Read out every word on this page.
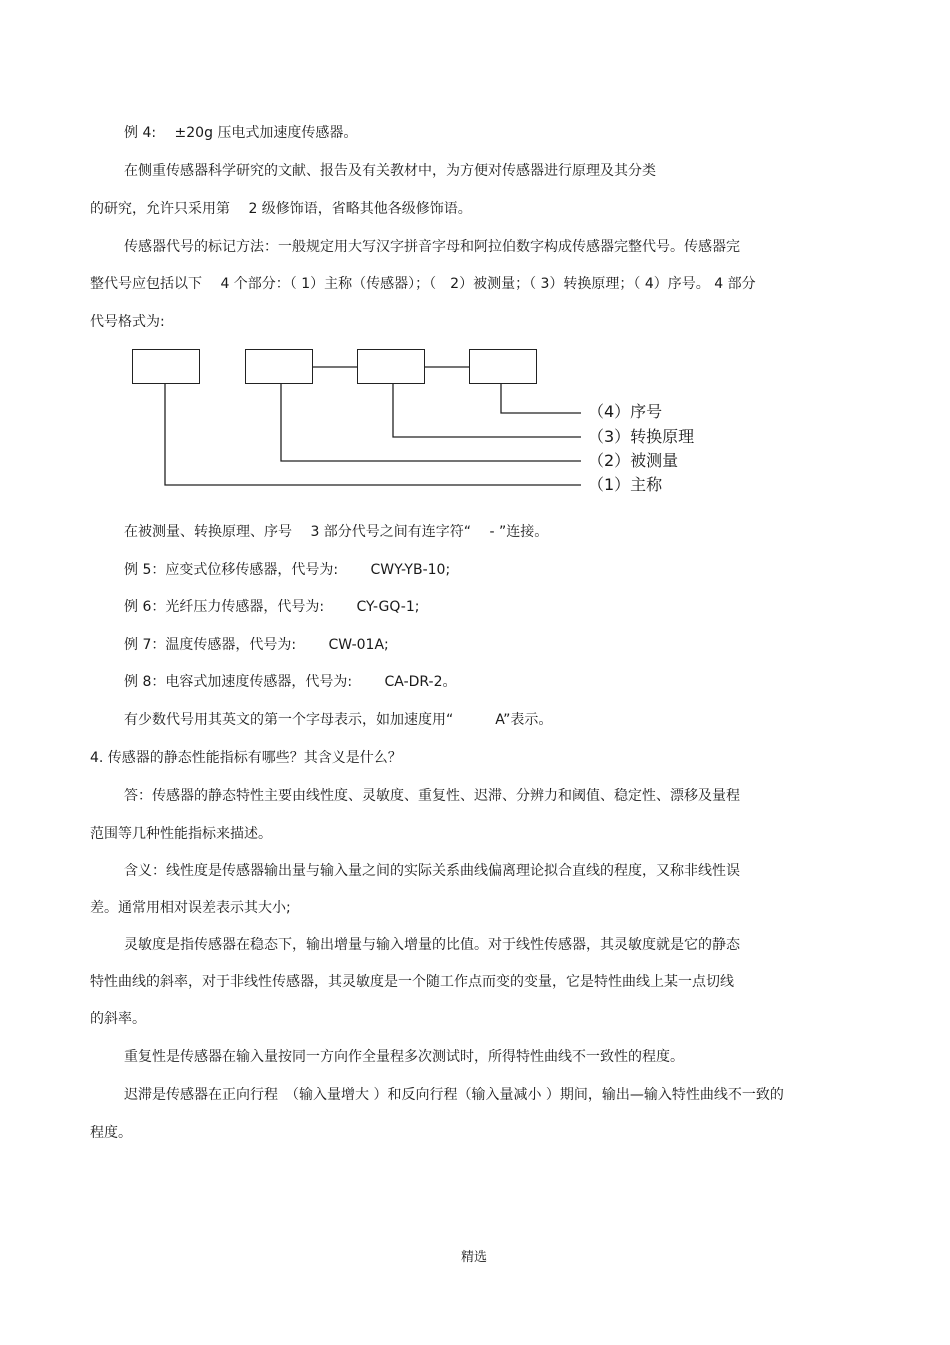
例 4:　 ±20g 压电式加速度传感器。
在侧重传感器科学研究的文献、报告及有关教材中，为方便对传感器进行原理及其分类
的研究，允许只采用第　 2 级修饰语，省略其他各级修饰语。
传感器代号的标记方法：一般规定用大写汉字拼音字母和阿拉伯数字构成传感器完整代号。传感器完
整代号应包括以下　 4 个部分：（ 1）主称（传感器）；（　2）被测量；（ 3）转换原理；（ 4）序号。 4 部分
代号格式为:
（4）序号
（3）转换原理
（2）被测量
（1）主称
在被测量、转换原理、序号　 3 部分代号之间有连字符“　 - ”连接。
例 5：应变式位移传感器，代号为:　　 CWY-YB-10;
例 6：光纤压力传感器，代号为:　　 CY-GQ-1;
例 7：温度传感器，代号为:　　 CW-01A;
例 8：电容式加速度传感器，代号为:　　 CA-DR-2。
有少数代号用其英文的第一个字母表示，如加速度用“　　　A”表示。
4. 传感器的静态性能指标有哪些？其含义是什么？
答：传感器的静态特性主要由线性度、灵敏度、重复性、迟滞、分辨力和阈值、稳定性、漂移及量程
范围等几种性能指标来描述。
含义：线性度是传感器输出量与输入量之间的实际关系曲线偏离理论拟合直线的程度，又称非线性误
差。通常用相对误差表示其大小;
灵敏度是指传感器在稳态下，输出增量与输入增量的比值。对于线性传感器，其灵敏度就是它的静态
特性曲线的斜率，对于非线性传感器，其灵敏度是一个随工作点而变的变量，它是特性曲线上某一点切线
的斜率。
重复性是传感器在输入量按同一方向作全量程多次测试时，所得特性曲线不一致性的程度。
迟滞是传感器在正向行程　（输入量增大 ）和反向行程（输入量减小 ）期间，输出—输入特性曲线不一致的
程度。
精选
